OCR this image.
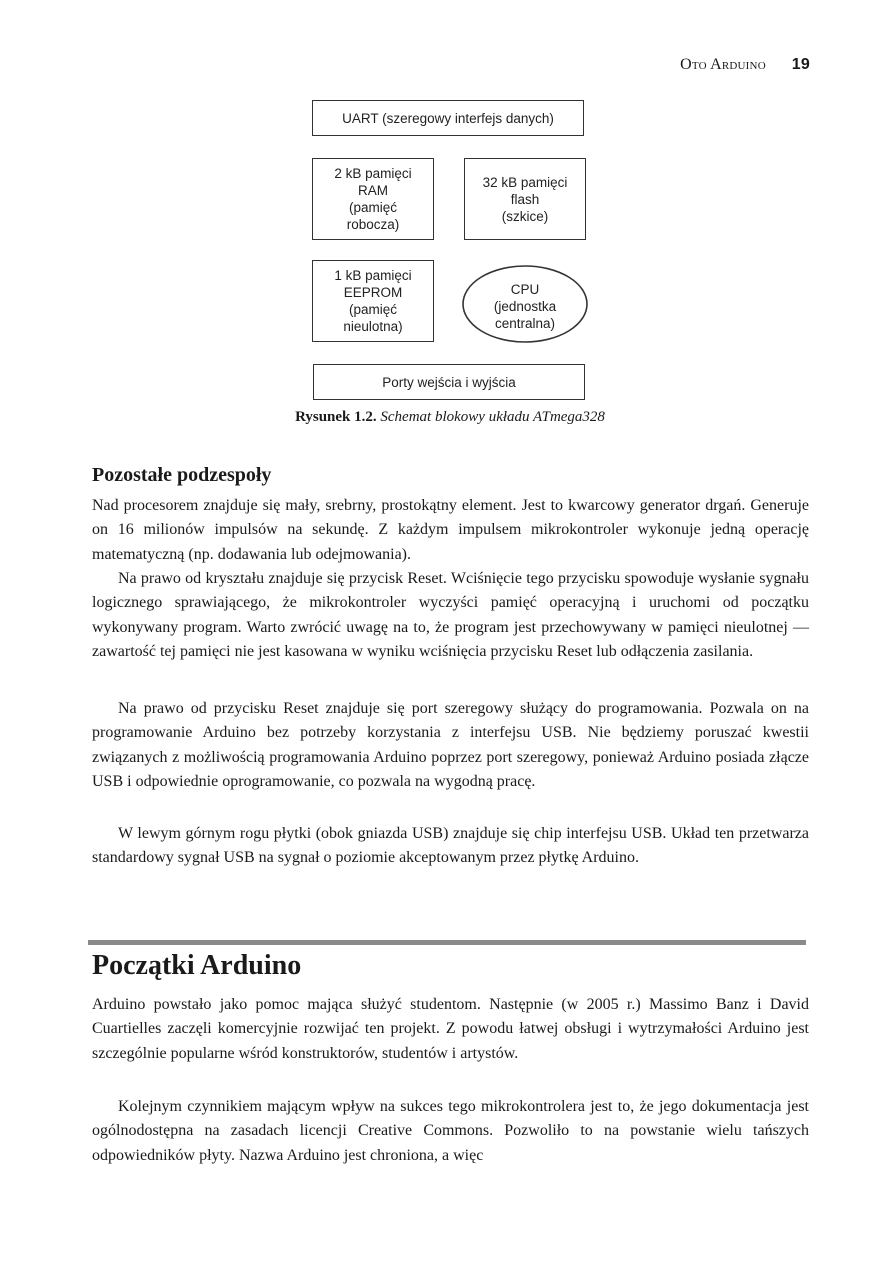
Oto Arduino 19
UART (szeregowy interfejs danych)
2 kB pamięci
RAM
(pamięć
robocza)
32 kB pamięci
flash
(szkice)
1 kB pamięci
EEPROM
(pamięć
nieulotna)
CPU
(jednostka
centralna)
Porty wejścia i wyjścia
Rysunek 1.2. Schemat blokowy układu ATmega328
Pozostałe podzespoły

Nad procesorem znajduje się mały, srebrny, prostokątny element. Jest to kwarcowy generator drgań. Generuje on 16 milionów impulsów na sekundę. Z każdym impulsem mikrokontroler wykonuje jedną operację matematyczną (np. dodawania lub odejmowania).

Na prawo od kryształu znajduje się przycisk Reset. Wciśnięcie tego przycisku spowoduje wysłanie sygnału logicznego sprawiającego, że mikrokontroler wyczyści pamięć operacyjną i uruchomi od początku wykonywany program. Warto zwrócić uwagę na to, że program jest przechowywany w pamięci nieulotnej — zawartość tej pamięci nie jest kasowana w wyniku wciśnięcia przycisku Reset lub odłączenia zasilania.

Na prawo od przycisku Reset znajduje się port szeregowy służący do programowania. Pozwala on na programowanie Arduino bez potrzeby korzystania z interfejsu USB. Nie będziemy poruszać kwestii związanych z możliwością programowania Arduino poprzez port szeregowy, ponieważ Arduino posiada złącze USB i odpowiednie oprogramowanie, co pozwala na wygodną pracę.

W lewym górnym rogu płytki (obok gniazda USB) znajduje się chip interfejsu USB. Układ ten przetwarza standardowy sygnał USB na sygnał o poziomie akceptowanym przez płytkę Arduino.

Początki Arduino

Arduino powstało jako pomoc mająca służyć studentom. Następnie (w 2005 r.) Massimo Banz i David Cuartielles zaczęli komercyjnie rozwijać ten projekt. Z powodu łatwej obsługi i wytrzymałości Arduino jest szczególnie popularne wśród konstruktorów, studentów i artystów.

Kolejnym czynnikiem mającym wpływ na sukces tego mikrokontrolera jest to, że jego dokumentacja jest ogólnodostępna na zasadach licencji Creative Commons. Pozwoliło to na powstanie wielu tańszych odpowiedników płyty. Nazwa Arduino jest chroniona, a więc
